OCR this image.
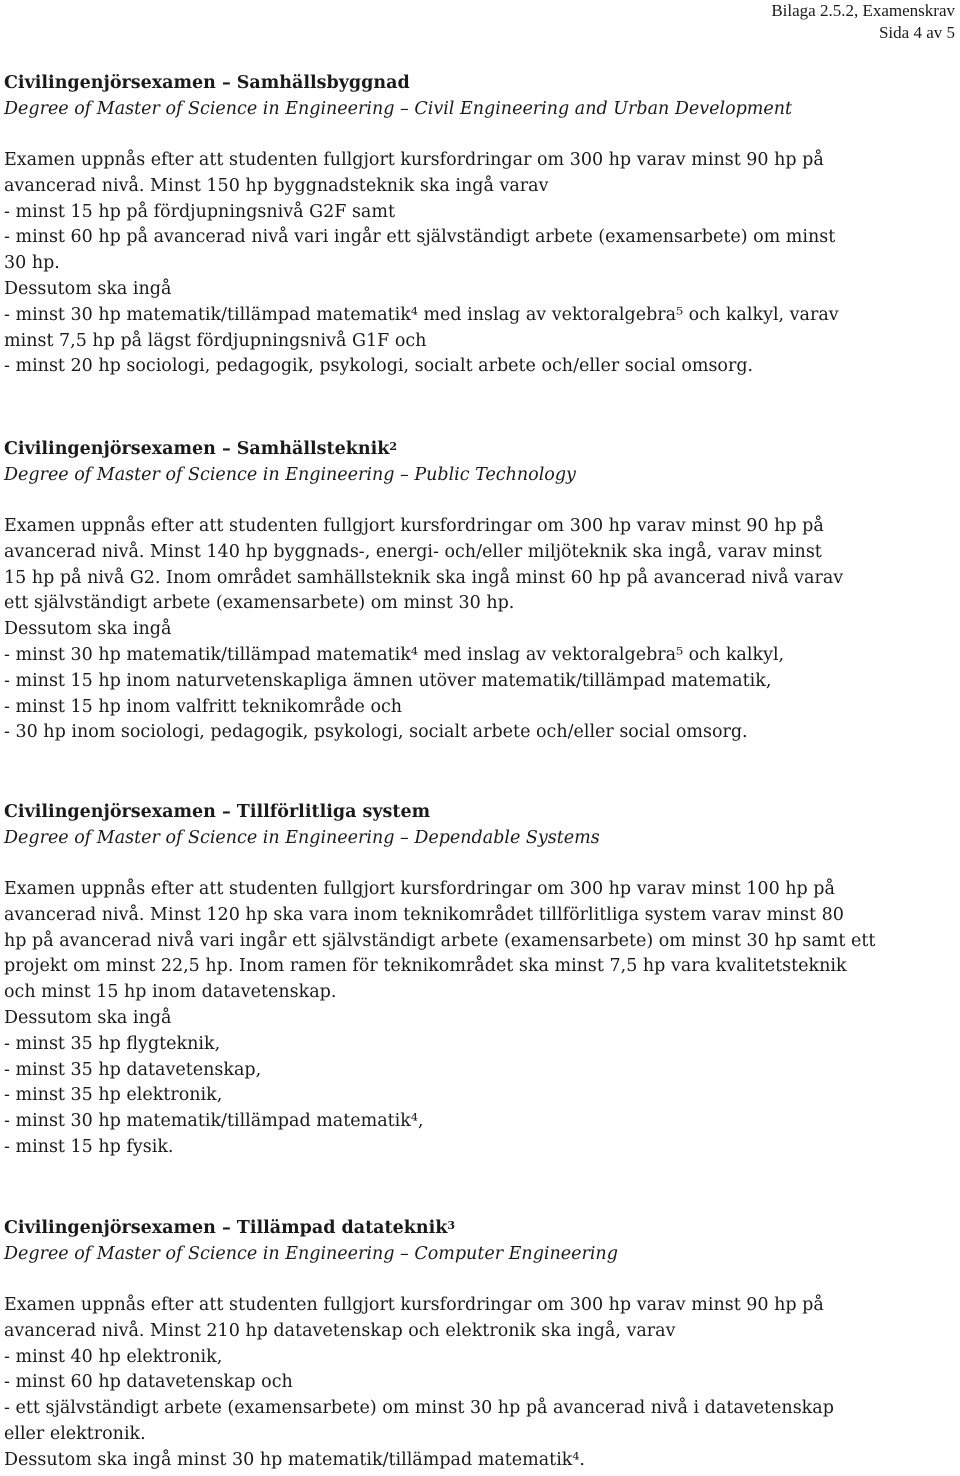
Bilaga 2.5.2, Examenskrav
Sida 4 av 5
Civilingenjörsexamen – Samhällsbyggnad
Degree of Master of Science in Engineering – Civil Engineering and Urban Development
Examen uppnås efter att studenten fullgjort kursfordringar om 300 hp varav minst 90 hp på
avancerad nivå. Minst 150 hp byggnadsteknik ska ingå varav
- minst 15 hp på fördjupningsnivå G2F samt
- minst 60 hp på avancerad nivå vari ingår ett självständigt arbete (examensarbete) om minst
30 hp.
Dessutom ska ingå
- minst 30 hp matematik/tillämpad matematik⁴ med inslag av vektoralgebra⁵ och kalkyl, varav
minst 7,5 hp på lägst fördjupningsnivå G1F och
- minst 20 hp sociologi, pedagogik, psykologi, socialt arbete och/eller social omsorg.
Civilingenjörsexamen – Samhällsteknik$^2$
Degree of Master of Science in Engineering – Public Technology
Examen uppnås efter att studenten fullgjort kursfordringar om 300 hp varav minst 90 hp på
avancerad nivå. Minst 140 hp byggnads-, energi- och/eller miljöteknik ska ingå, varav minst
15 hp på nivå G2. Inom området samhällsteknik ska ingå minst 60 hp på avancerad nivå varav
ett självständigt arbete (examensarbete) om minst 30 hp.
Dessutom ska ingå
- minst 30 hp matematik/tillämpad matematik⁴ med inslag av vektoralgebra⁵ och kalkyl,
- minst 15 hp inom naturvetenskapliga ämnen utöver matematik/tillämpad matematik,
- minst 15 hp inom valfritt teknikområde och
- 30 hp inom sociologi, pedagogik, psykologi, socialt arbete och/eller social omsorg.
Civilingenjörsexamen – Tillförlitliga system
Degree of Master of Science in Engineering – Dependable Systems
Examen uppnås efter att studenten fullgjort kursfordringar om 300 hp varav minst 100 hp på
avancerad nivå. Minst 120 hp ska vara inom teknikområdet tillförlitliga system varav minst 80
hp på avancerad nivå vari ingår ett självständigt arbete (examensarbete) om minst 30 hp samt ett
projekt om minst 22,5 hp. Inom ramen för teknikområdet ska minst 7,5 hp vara kvalitetsteknik
och minst 15 hp inom datavetenskap.
Dessutom ska ingå
- minst 35 hp flygteknik,
- minst 35 hp datavetenskap,
- minst 35 hp elektronik,
- minst 30 hp matematik/tillämpad matematik⁴,
- minst 15 hp fysik.
Civilingenjörsexamen – Tillämpad datateknik$^3$
Degree of Master of Science in Engineering – Computer Engineering
Examen uppnås efter att studenten fullgjort kursfordringar om 300 hp varav minst 90 hp på
avancerad nivå. Minst 210 hp datavetenskap och elektronik ska ingå, varav
- minst 40 hp elektronik,
- minst 60 hp datavetenskap och
- ett självständigt arbete (examensarbete) om minst 30 hp på avancerad nivå i datavetenskap
eller elektronik.
Dessutom ska ingå minst 30 hp matematik/tillämpad matematik⁴.
